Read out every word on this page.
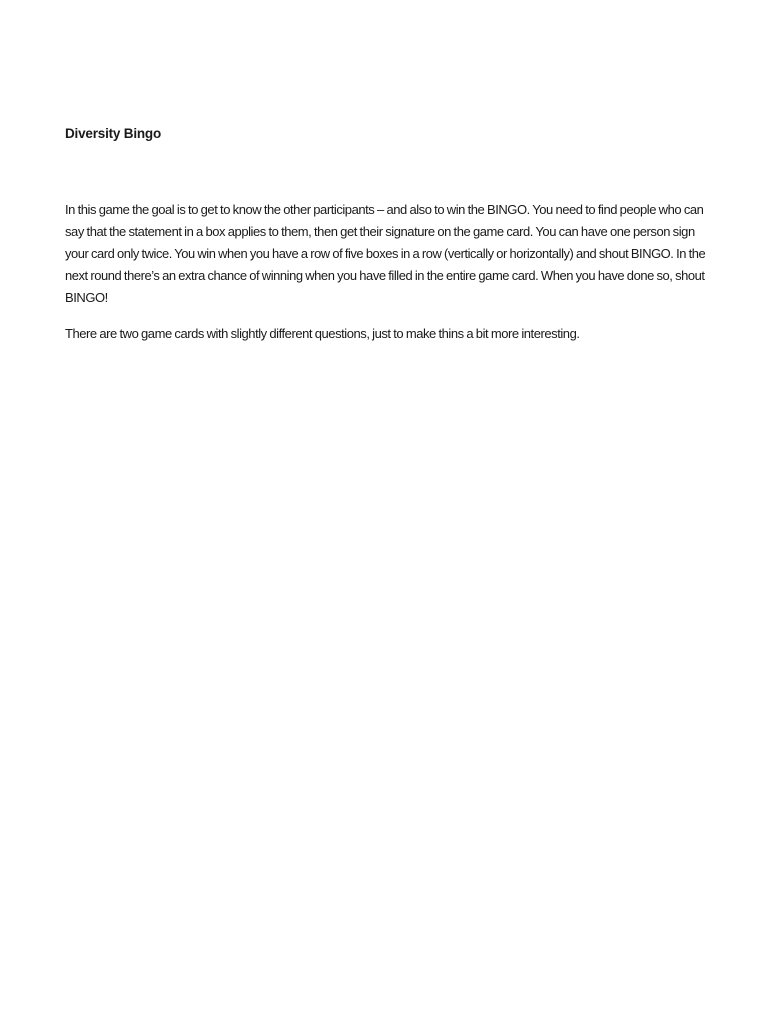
Diversity Bingo

In this game the goal is to get to know the other participants – and also to win the BINGO. You need to find people who can
say that the statement in a box applies to them, then get their signature on the game card. You can have one person sign
your card only twice. You win when you have a row of five boxes in a row (vertically or horizontally) and shout BINGO. In the
next round there’s an extra chance of winning when you have filled in the entire game card. When you have done so, shout
BINGO!

There are two game cards with slightly different questions, just to make thins a bit more interesting.
